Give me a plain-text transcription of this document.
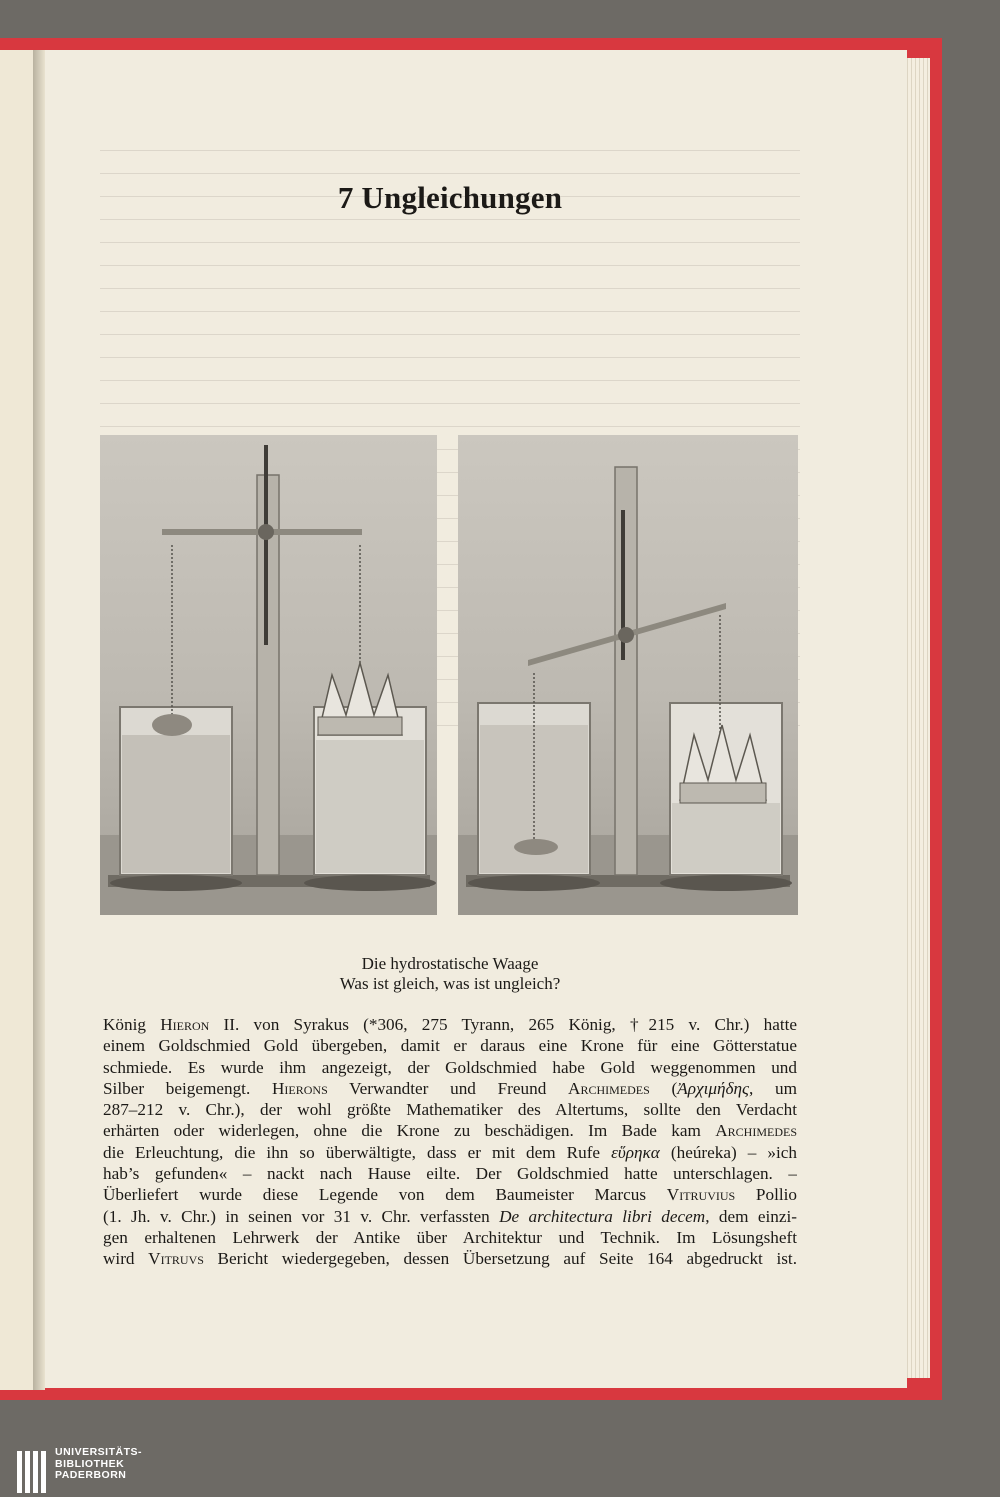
7 Ungleichungen
Die hydrostatische Waage
Was ist gleich, was ist ungleich?
König Hieron II. von Syrakus (*306, 275 Tyrann, 265 König, †215 v. Chr.) hatte
einem Goldschmied Gold übergeben, damit er daraus eine Krone für eine Götterstatue
schmiede. Es wurde ihm angezeigt, der Goldschmied habe Gold weggenommen und
Silber beigemengt. Hierons Verwandter und Freund Archimedes (Ἀρχιμήδης, um
287–212 v. Chr.), der wohl größte Mathematiker des Altertums, sollte den Verdacht
erhärten oder widerlegen, ohne die Krone zu beschädigen. Im Bade kam Archimedes
die Erleuchtung, die ihn so überwältigte, dass er mit dem Rufe εὕρηκα (heúreka) – »ich
hab’s gefunden« – nackt nach Hause eilte. Der Goldschmied hatte unterschlagen. –
Überliefert wurde diese Legende von dem Baumeister Marcus Vitruvius Pollio
(1. Jh. v. Chr.) in seinen vor 31 v. Chr. verfassten De architectura libri decem, dem einzi-
gen erhaltenen Lehrwerk der Antike über Architektur und Technik. Im Lösungsheft
wird Vitruvs Bericht wiedergegeben, dessen Übersetzung auf Seite 164 abgedruckt ist.
UNIVERSITÄTS-
BIBLIOTHEK
PADERBORN
